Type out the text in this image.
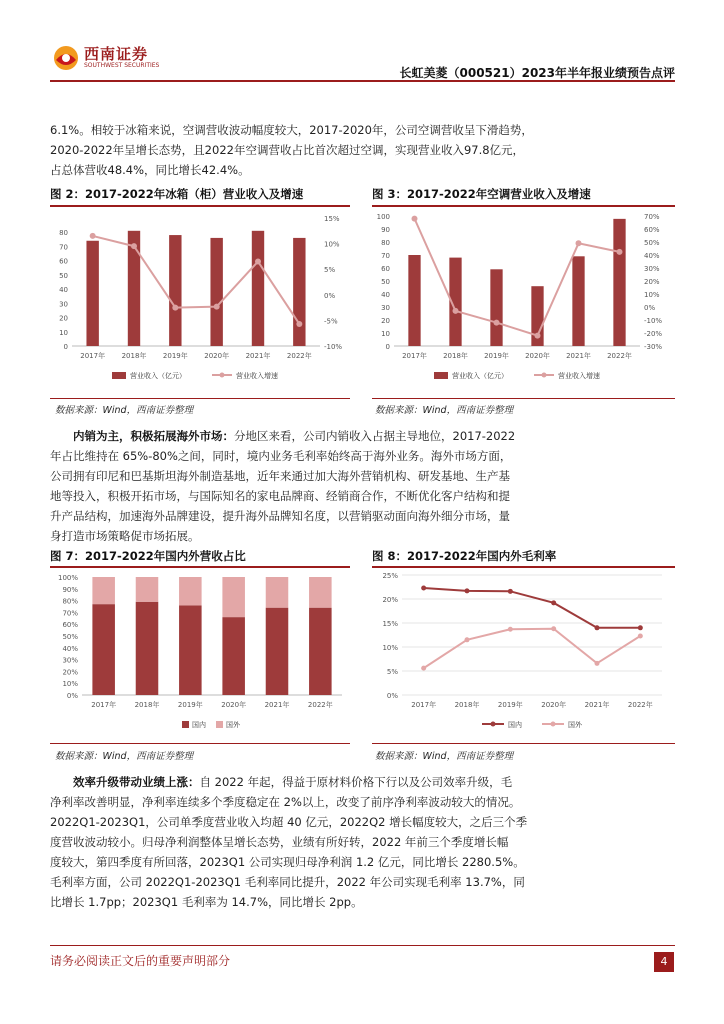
西南证券
SOUTHWEST SECURITIES
长虹美菱（000521）2023年半年报业绩预告点评
6.1%。相较于冰箱来说，空调营收波动幅度较大，2017-2020年，公司空调营收呈下滑趋势，
2020-2022年呈增长态势，且2022年空调营收占比首次超过空调，实现营业收入97.8亿元，
占总体营收48.4%，同比增长42.4%。
图 2：2017-2022年冰箱（柜）营业收入及增速
0
10
20
30
40
50
60
70
80
-10%
-5%
0%
5%
10%
15%
2017年 2018年 2019年 2020年 2021年 2022年
营业收入（亿元）	营业收入增速
数据来源：Wind，西南证券整理
图 3：2017-2022年空调营业收入及增速
0
10
20
30
40
50
60
70
80
90
100
-30%
-20%
-10%
0%
10%
20%
30%
40%
50%
60%
70%
2017年 2018年 2019年 2020年 2021年 2022年
营业收入（亿元）	营业收入增速
数据来源：Wind，西南证券整理
  内销为主，积极拓展海外市场：分地区来看，公司内销收入占据主导地位，2017-2022
年占比维持在 65%-80%之间，同时，境内业务毛利率始终高于海外业务。海外市场方面，
公司拥有印尼和巴基斯坦海外制造基地，近年来通过加大海外营销机构、研发基地、生产基
地等投入，积极开拓市场，与国际知名的家电品牌商、经销商合作，不断优化客户结构和提
升产品结构，加速海外品牌建设，提升海外品牌知名度，以营销驱动面向海外细分市场，量
身打造市场策略促市场拓展。
图 7：2017-2022年国内外营收占比
0%
10%
20%
30%
40%
50%
60%
70%
80%
90%
100%
2017年	2018年	2019年	2020年	2021年	2022年
国内	国外
数据来源：Wind，西南证券整理
图 8：2017-2022年国内外毛利率
0%
5%
10%
15%
20%
25%
2017年	2018年	2019年	2020年	2021年	2022年
国内	国外
数据来源：Wind，西南证券整理
  效率升级带动业绩上涨：自 2022 年起，得益于原材料价格下行以及公司效率升级，毛
净利率改善明显，净利率连续多个季度稳定在 2%以上，改变了前序净利率波动较大的情况。
2022Q1-2023Q1，公司单季度营业收入均超 40 亿元，2022Q2 增长幅度较大，之后三个季
度营收波动较小。归母净利润整体呈增长态势，业绩有所好转，2022 年前三个季度增长幅
度较大，第四季度有所回落，2023Q1 公司实现归母净利润 1.2 亿元，同比增长 2280.5%。
毛利率方面，公司 2022Q1-2023Q1 毛利率同比提升，2022 年公司实现毛利率 13.7%，同
比增长 1.7pp；2023Q1 毛利率为 14.7%，同比增长 2pp。
请务必阅读正文后的重要声明部分	4
